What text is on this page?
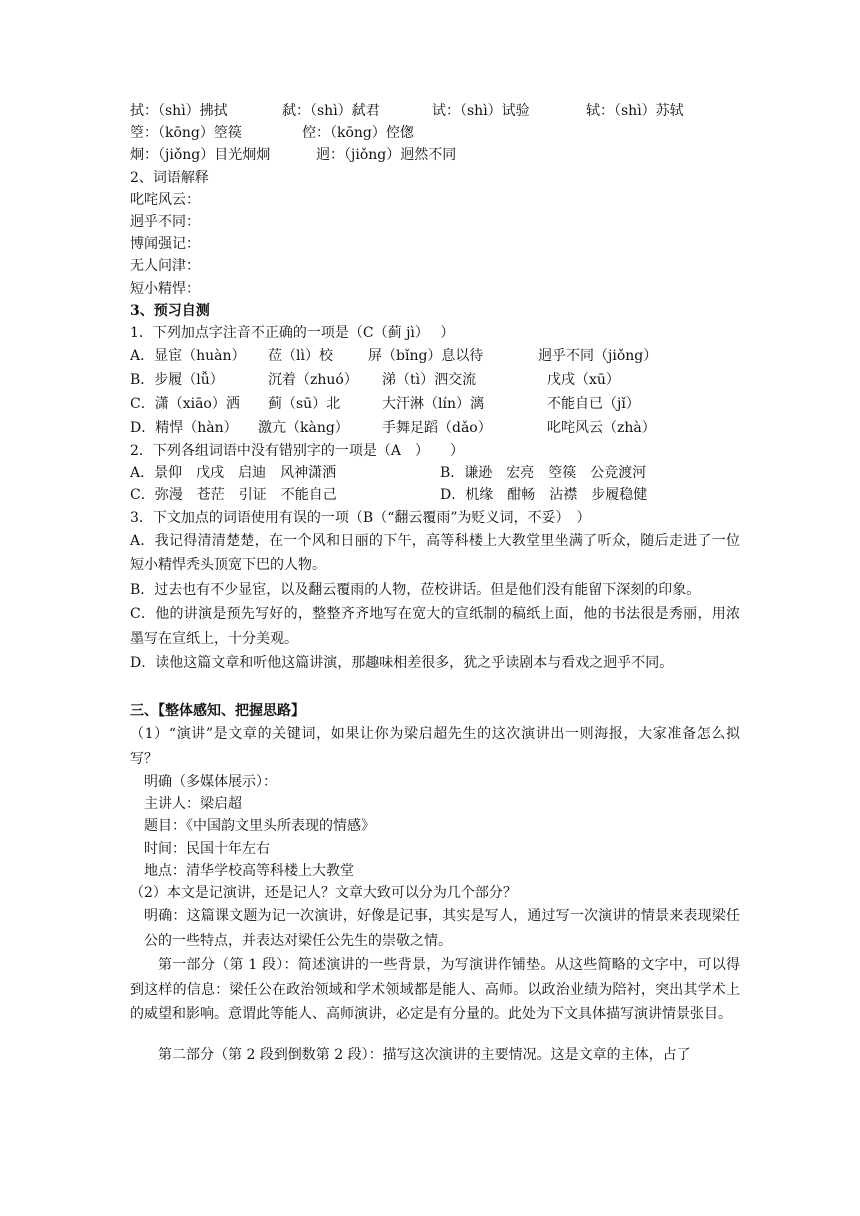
拭：（shì）拂拭	弑：（shì）弑君	试：（shì）试验	轼：（shì）苏轼
箜：（kōng）箜篌	倥：（kōng）倥偬
炯：（jiǒng）目光炯炯	迥：（jiǒng）迥然不同
2、词语解释
叱咤风云：
迥乎不同：
博闻强记：
无人问津：
短小精悍：
3、预习自测
1．下列加点字注音不正确的一项是（C（蓟 jì）　 ）
A．显宦（huàn） 莅（lì）校	屏（bǐng）息以待	迥乎不同（jiǒng）
B．步履（lǚ）	沉着（zhuó） 涕（tì）泗交流	戊戌（xū）
C．潇（xiāo）洒 蓟（sū）北	大汗淋（lín）漓	不能自已（jǐ）
D．精悍（hàn） 激亢（kàng） 手舞足蹈（dǎo）	叱咤风云（zhà）
2．下列各组词语中没有错别字的一项是（A　）　　）
A．景仰　戊戌　启迪　风神潇洒	B．谦逊　宏亮　箜篌　公竞渡河
C．弥漫　苍茫　引证　不能自己	D．机缘　酣畅　沾襟　步履稳健
3．下文加点的词语使用有误的一项（B（“翻云覆雨”为贬义词，不妥）　）

A．我记得清清楚楚，在一个风和日丽的下午，高等科楼上大教堂里坐满了听众，随后走进了一位短小精悍秃头顶宽下巴的人物。

B．过去也有不少显宦，以及翻云覆雨的人物，莅校讲话。但是他们没有能留下深刻的印象。

C．他的讲演是预先写好的，整整齐齐地写在宽大的宣纸制的稿纸上面，他的书法很是秀丽，用浓墨写在宣纸上，十分美观。

D．读他这篇文章和听他这篇讲演，那趣味相差很多，犹之乎读剧本与看戏之迥乎不同。

三、【整体感知、把握思路】

（1）“演讲”是文章的关键词，如果让你为梁启超先生的这次演讲出一则海报，大家准备怎么拟写？

明确（多媒体展示）：
主讲人：梁启超
题目：《中国韵文里头所表现的情感》
时间：民国十年左右
地点：清华学校高等科楼上大教堂
（2）本文是记演讲，还是记人？文章大致可以分为几个部分？

明确：这篇课文题为记一次演讲，好像是记事，其实是写人，通过写一次演讲的情景来表现梁任公的一些特点，并表达对梁任公先生的崇敬之情。

第一部分（第 1 段）：简述演讲的一些背景，为写演讲作铺垫。从这些简略的文字中，可以得到这样的信息：梁任公在政治领域和学术领域都是能人、高师。以政治业绩为陪衬，突出其学术上的威望和影响。意谓此等能人、高师演讲，必定是有分量的。此处为下文具体描写演讲情景张目。

第二部分（第 2 段到倒数第 2 段）：描写这次演讲的主要情况。这是文章的主体，占了
